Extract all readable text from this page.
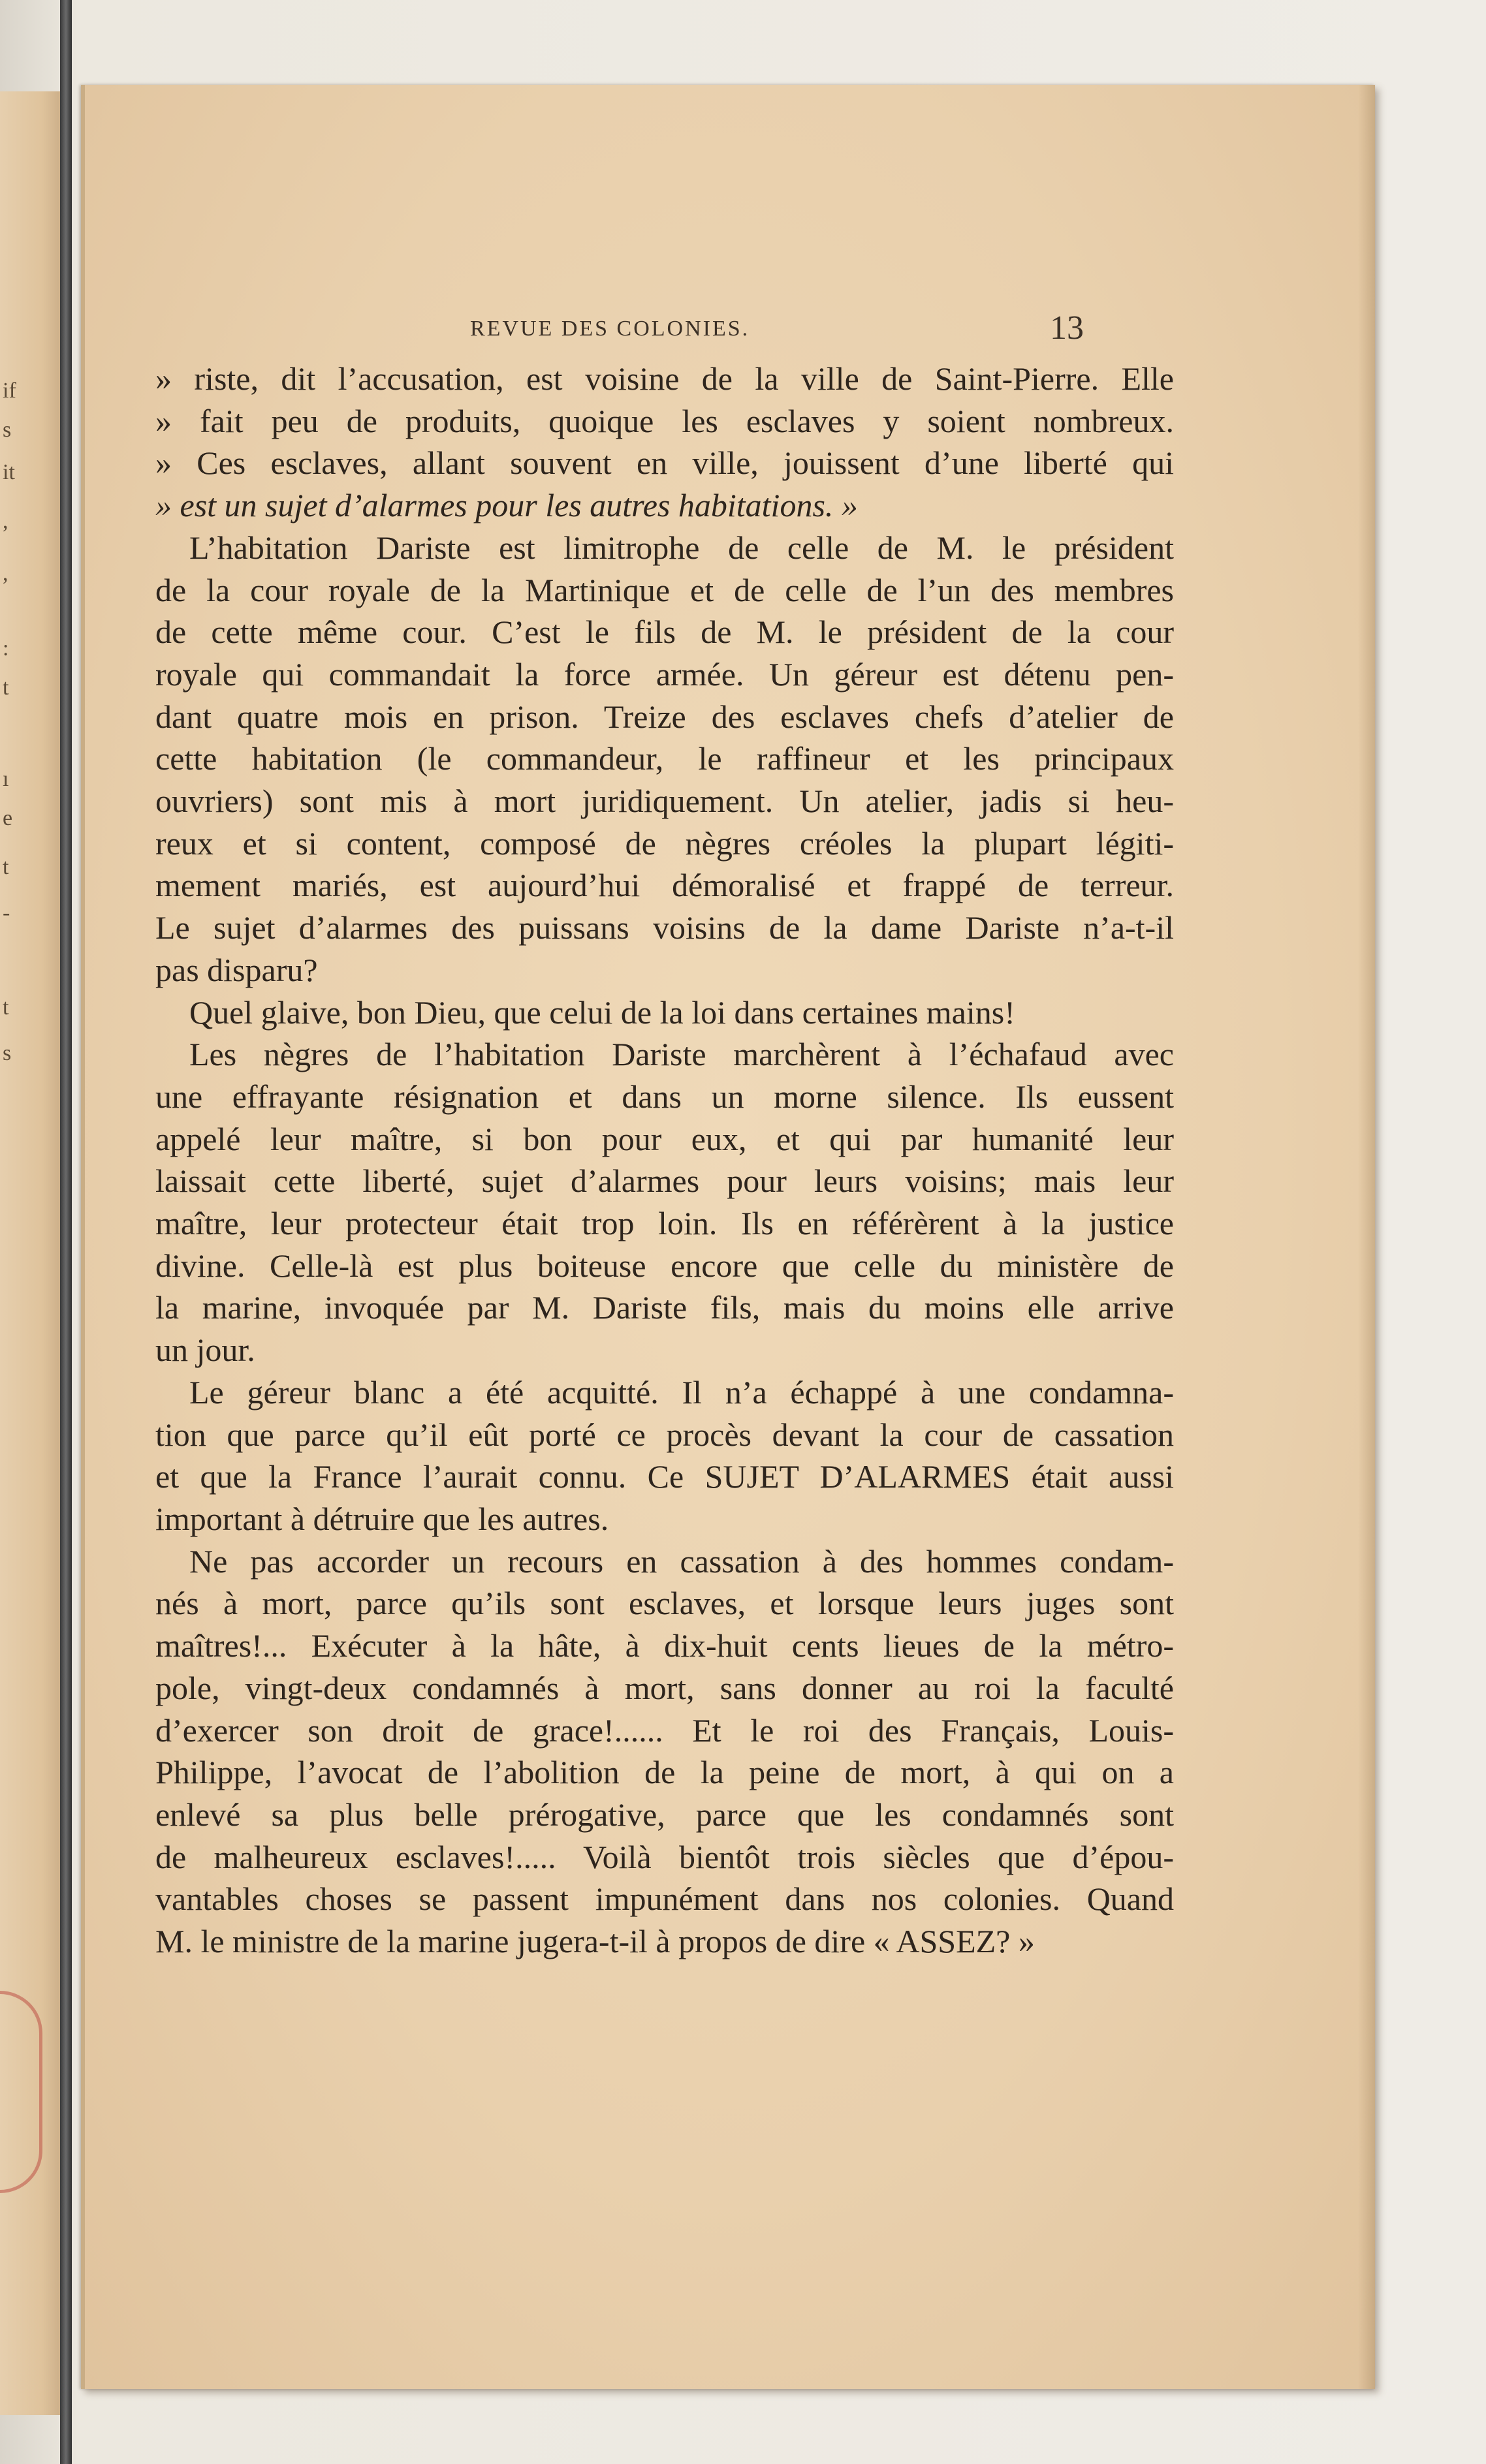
if
s
it
,
,
:
t
ı
e
t
-
t
s
REVUE DES COLONIES.	13

» riste, dit l’accusation, est voisine de la ville de Saint-Pierre. Elle
» fait peu de produits, quoique les esclaves y soient nombreux.
» Ces esclaves, allant souvent en ville, jouissent d’une liberté qui
» est un sujet d’alarmes pour les autres habitations. »

L’habitation Dariste est limitrophe de celle de M. le président
de la cour royale de la Martinique et de celle de l’un des membres
de cette même cour. C’est le fils de M. le président de la cour
royale qui commandait la force armée. Un géreur est détenu pen-
dant quatre mois en prison. Treize des esclaves chefs d’atelier de
cette habitation (le commandeur, le raffineur et les principaux
ouvriers) sont mis à mort juridiquement. Un atelier, jadis si heu-
reux et si content, composé de nègres créoles la plupart légiti-
mement mariés, est aujourd’hui démoralisé et frappé de terreur.
Le sujet d’alarmes des puissans voisins de la dame Dariste n’a-t-il
pas disparu?

Quel glaive, bon Dieu, que celui de la loi dans certaines mains!

Les nègres de l’habitation Dariste marchèrent à l’échafaud avec
une effrayante résignation et dans un morne silence. Ils eussent
appelé leur maître, si bon pour eux, et qui par humanité leur
laissait cette liberté, sujet d’alarmes pour leurs voisins; mais leur
maître, leur protecteur était trop loin. Ils en référèrent à la justice
divine. Celle-là est plus boiteuse encore que celle du ministère de
la marine, invoquée par M. Dariste fils, mais du moins elle arrive
un jour.

Le géreur blanc a été acquitté. Il n’a échappé à une condamna-
tion que parce qu’il eût porté ce procès devant la cour de cassation
et que la France l’aurait connu. Ce SUJET D’ALARMES était aussi
important à détruire que les autres.

Ne pas accorder un recours en cassation à des hommes condam-
nés à mort, parce qu’ils sont esclaves, et lorsque leurs juges sont
maîtres!... Exécuter à la hâte, à dix-huit cents lieues de la métro-
pole, vingt-deux condamnés à mort, sans donner au roi la faculté
d’exercer son droit de grace!...... Et le roi des Français, Louis-
Philippe, l’avocat de l’abolition de la peine de mort, à qui on a
enlevé sa plus belle prérogative, parce que les condamnés sont
de malheureux esclaves!..... Voilà bientôt trois siècles que d’épou-
vantables choses se passent impunément dans nos colonies. Quand
M. le ministre de la marine jugera-t-il à propos de dire « ASSEZ? »
